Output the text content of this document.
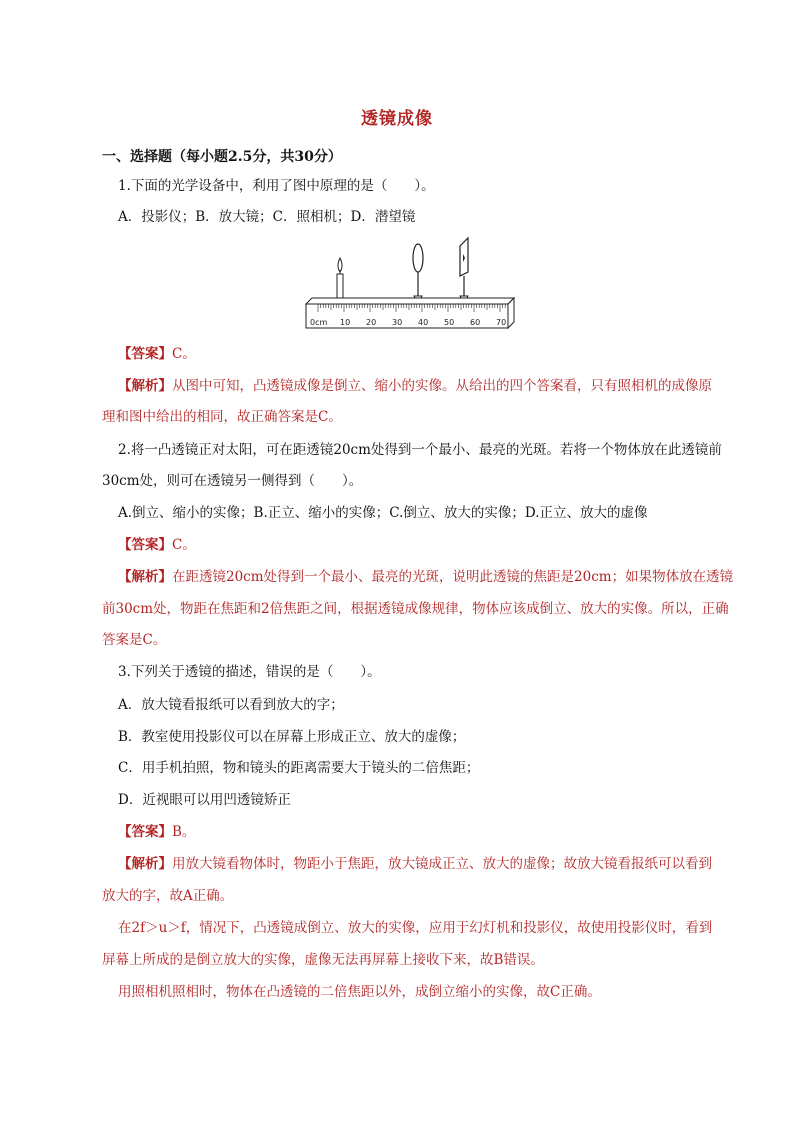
透镜成像
一、选择题（每小题2.5分，共30分）
1.下面的光学设备中，利用了图中原理的是（　　）。
A．投影仪；B．放大镜；C．照相机；D．潜望镜
0cm 10 20 30 40 50 60 70
【答案】C。
【解析】从图中可知，凸透镜成像是倒立、缩小的实像。从给出的四个答案看，只有照相机的成像原
理和图中给出的相同，故正确答案是C。
2.将一凸透镜正对太阳，可在距透镜20cm处得到一个最小、最亮的光斑。若将一个物体放在此透镜前
30cm处，则可在透镜另一侧得到（　　）。
A.倒立、缩小的实像；B.正立、缩小的实像；C.倒立、放大的实像；D.正立、放大的虚像
【答案】C。
【解析】在距透镜20cm处得到一个最小、最亮的光斑，说明此透镜的焦距是20cm；如果物体放在透镜
前30cm处，物距在焦距和2倍焦距之间，根据透镜成像规律，物体应该成倒立、放大的实像。所以，正确
答案是C。
3.下列关于透镜的描述，错误的是（　　）。
A．放大镜看报纸可以看到放大的字；
B．教室使用投影仪可以在屏幕上形成正立、放大的虚像；
C．用手机拍照，物和镜头的距离需要大于镜头的二倍焦距；
D．近视眼可以用凹透镜矫正
【答案】B。
【解析】用放大镜看物体时，物距小于焦距，放大镜成正立、放大的虚像；故放大镜看报纸可以看到
放大的字，故A正确。
在2f＞u＞f，情况下，凸透镜成倒立、放大的实像，应用于幻灯机和投影仪，故使用投影仪时，看到
屏幕上所成的是倒立放大的实像，虚像无法再屏幕上接收下来，故B错误。
用照相机照相时，物体在凸透镜的二倍焦距以外，成倒立缩小的实像，故C正确。
